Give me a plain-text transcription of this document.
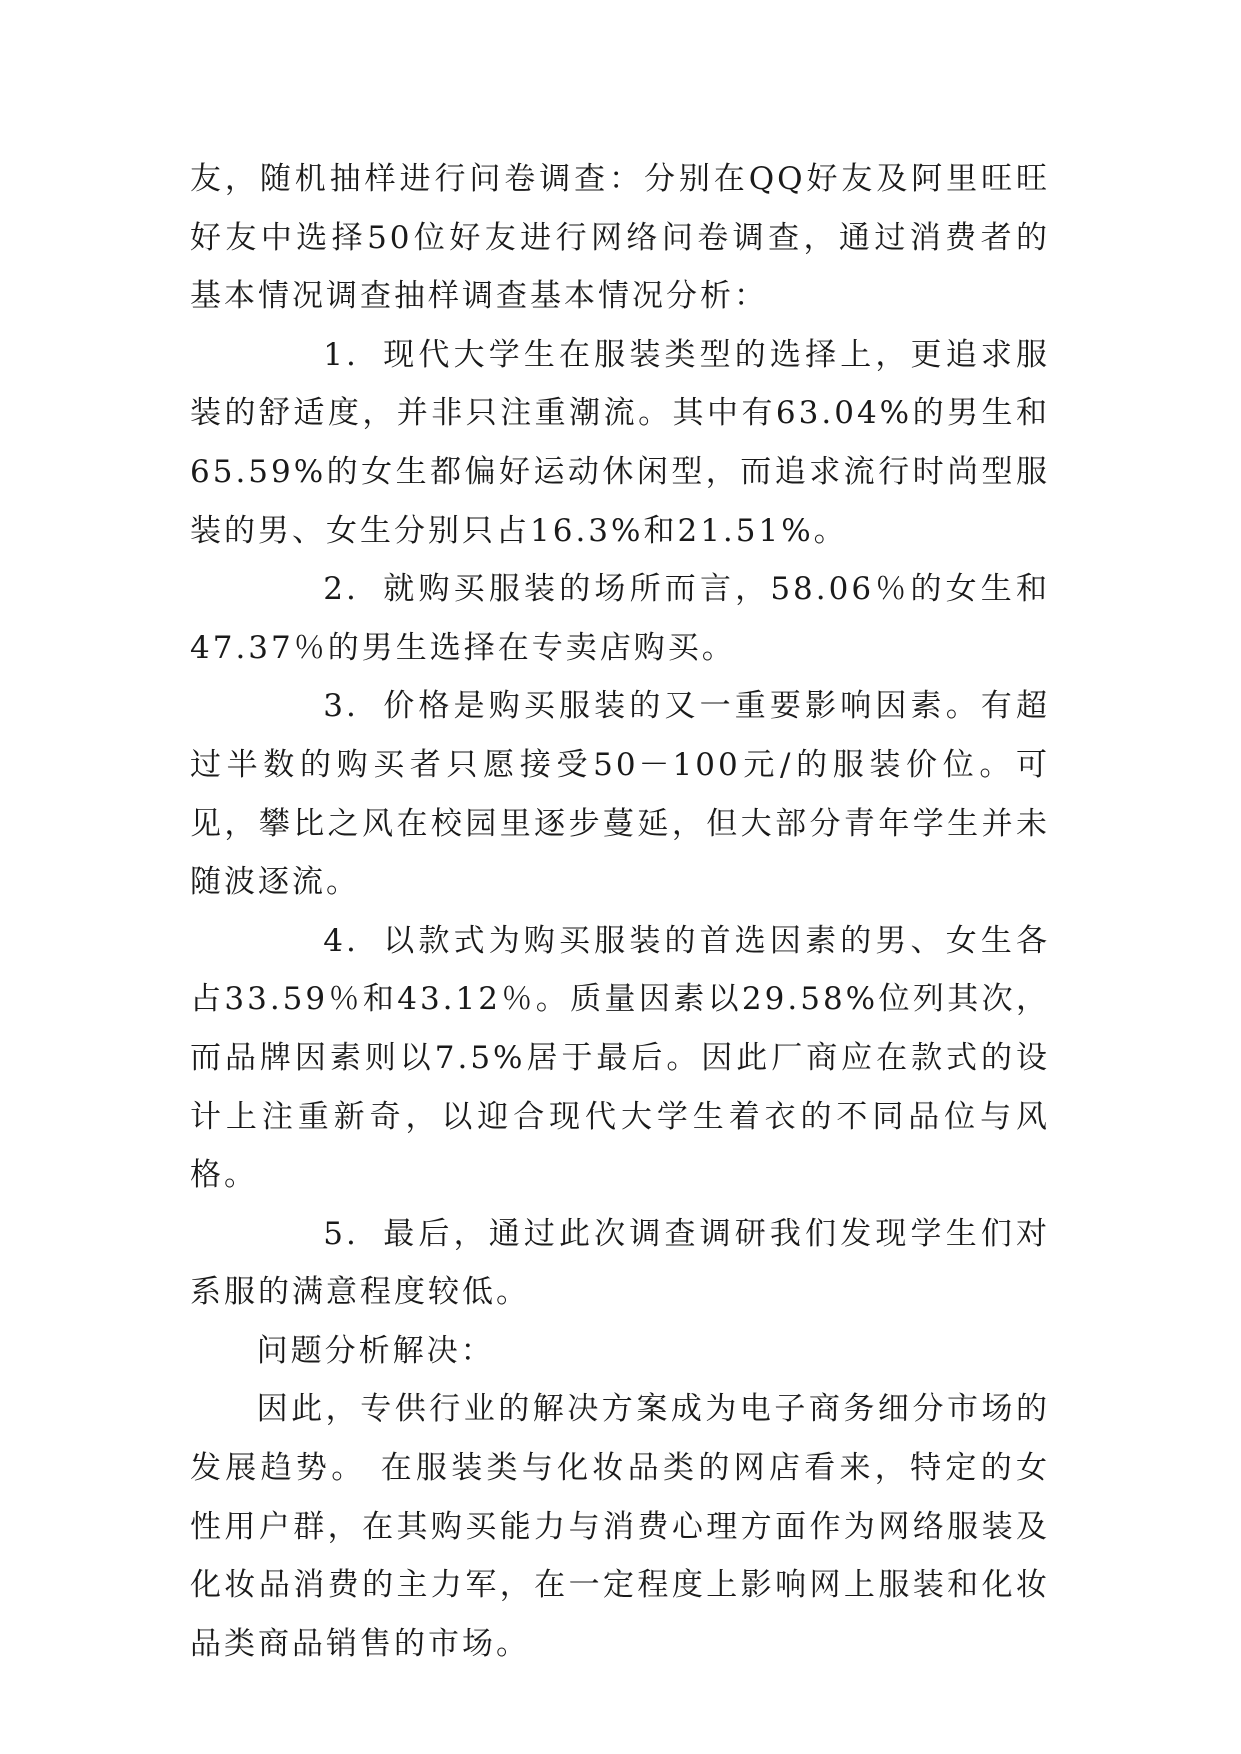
友，随机抽样进行问卷调查：分别在QQ好友及阿里旺旺好友中选择50位好友进行网络问卷调查，通过消费者的基本情况调查抽样调查基本情况分析：

1. 现代大学生在服装类型的选择上，更追求服装的舒适度，并非只注重潮流。其中有63.04%的男生和65.59%的女生都偏好运动休闲型，而追求流行时尚型服装的男、女生分别只占16.3%和21.51%。

2. 就购买服装的场所而言，58.06％的女生和47.37％的男生选择在专卖店购买。

3. 价格是购买服装的又一重要影响因素。有超过半数的购买者只愿接受50－100元/的服装价位。可见，攀比之风在校园里逐步蔓延，但大部分青年学生并未随波逐流。

4. 以款式为购买服装的首选因素的男、女生各占33.59％和43.12％。质量因素以29.58%位列其次，而品牌因素则以7.5%居于最后。因此厂商应在款式的设计上注重新奇，以迎合现代大学生着衣的不同品位与风格。

5. 最后，通过此次调查调研我们发现学生们对系服的满意程度较低。

问题分析解决：

因此，专供行业的解决方案成为电子商务细分市场的发展趋势。 在服装类与化妆品类的网店看来，特定的女性用户群，在其购买能力与消费心理方面作为网络服装及化妆品消费的主力军，在一定程度上影响网上服装和化妆品类商品销售的市场。
